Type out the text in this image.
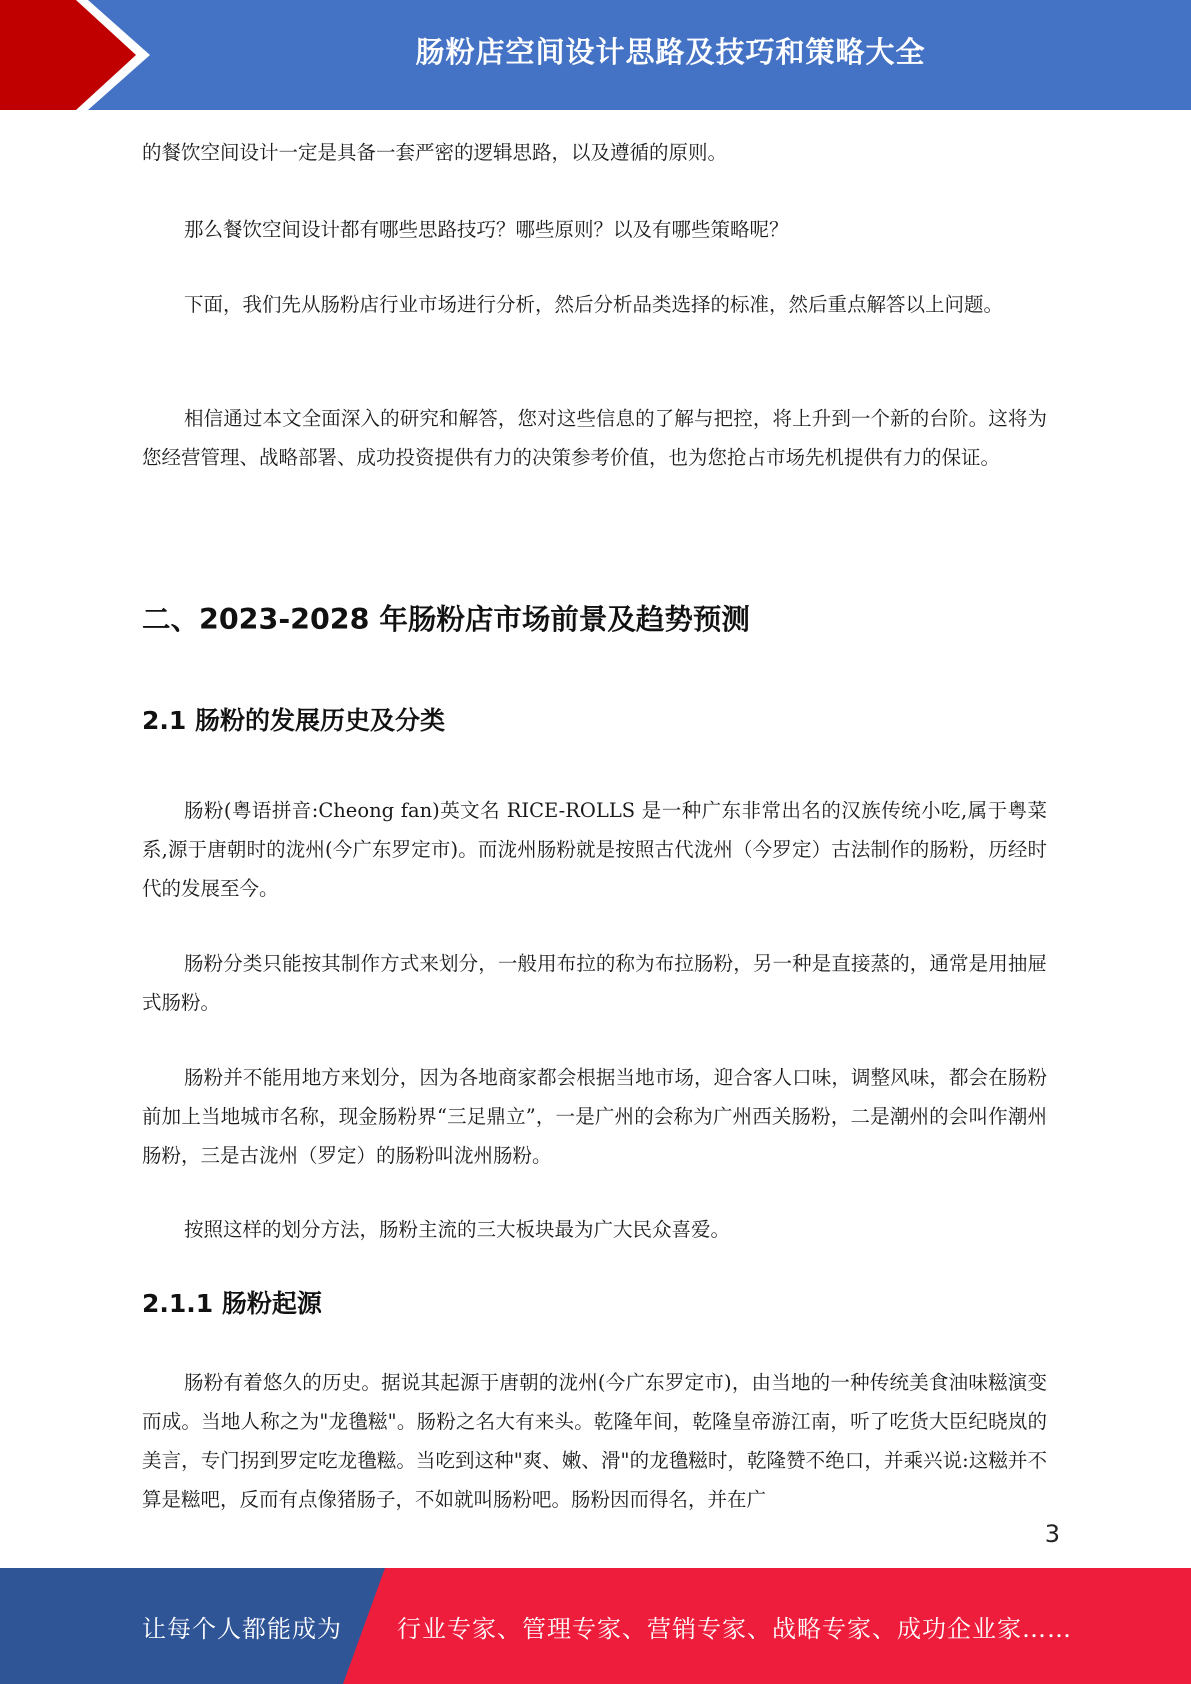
肠粉店空间设计思路及技巧和策略大全

的餐饮空间设计一定是具备一套严密的逻辑思路，以及遵循的原则。

那么餐饮空间设计都有哪些思路技巧？哪些原则？以及有哪些策略呢？

下面，我们先从肠粉店行业市场进行分析，然后分析品类选择的标准，然后重点解答以上问题。

相信通过本文全面深入的研究和解答，您对这些信息的了解与把控，将上升到一个新的台阶。这将为您经营管理、战略部署、成功投资提供有力的决策参考价值，也为您抢占市场先机提供有力的保证。

二、2023-2028 年肠粉店市场前景及趋势预测
2.1 肠粉的发展历史及分类

肠粉(粤语拼音:Cheong fan)英文名 RICE-ROLLS 是一种广东非常出名的汉族传统小吃,属于粤菜系,源于唐朝时的泷州(今广东罗定市)。而泷州肠粉就是按照古代泷州（今罗定）古法制作的肠粉，历经时代的发展至今。

肠粉分类只能按其制作方式来划分，一般用布拉的称为布拉肠粉，另一种是直接蒸的，通常是用抽屉式肠粉。

肠粉并不能用地方来划分，因为各地商家都会根据当地市场，迎合客人口味，调整风味，都会在肠粉前加上当地城市名称，现金肠粉界“三足鼎立”，一是广州的会称为广州西关肠粉，二是潮州的会叫作潮州肠粉，三是古泷州（罗定）的肠粉叫泷州肠粉。

按照这样的划分方法，肠粉主流的三大板块最为广大民众喜爱。

2.1.1 肠粉起源

肠粉有着悠久的历史。据说其起源于唐朝的泷州(今广东罗定市)，由当地的一种传统美食油味糍演变而成。当地人称之为"龙氇糍"。肠粉之名大有来头。乾隆年间，乾隆皇帝游江南，听了吃货大臣纪晓岚的美言，专门拐到罗定吃龙氇糍。当吃到这种"爽、嫩、滑"的龙氇糍时，乾隆赞不绝口，并乘兴说:这糍并不算是糍吧，反而有点像猪肠子，不如就叫肠粉吧。肠粉因而得名，并在广

3
让每个人都能成为 行业专家、管理专家、营销专家、战略专家、成功企业家……
